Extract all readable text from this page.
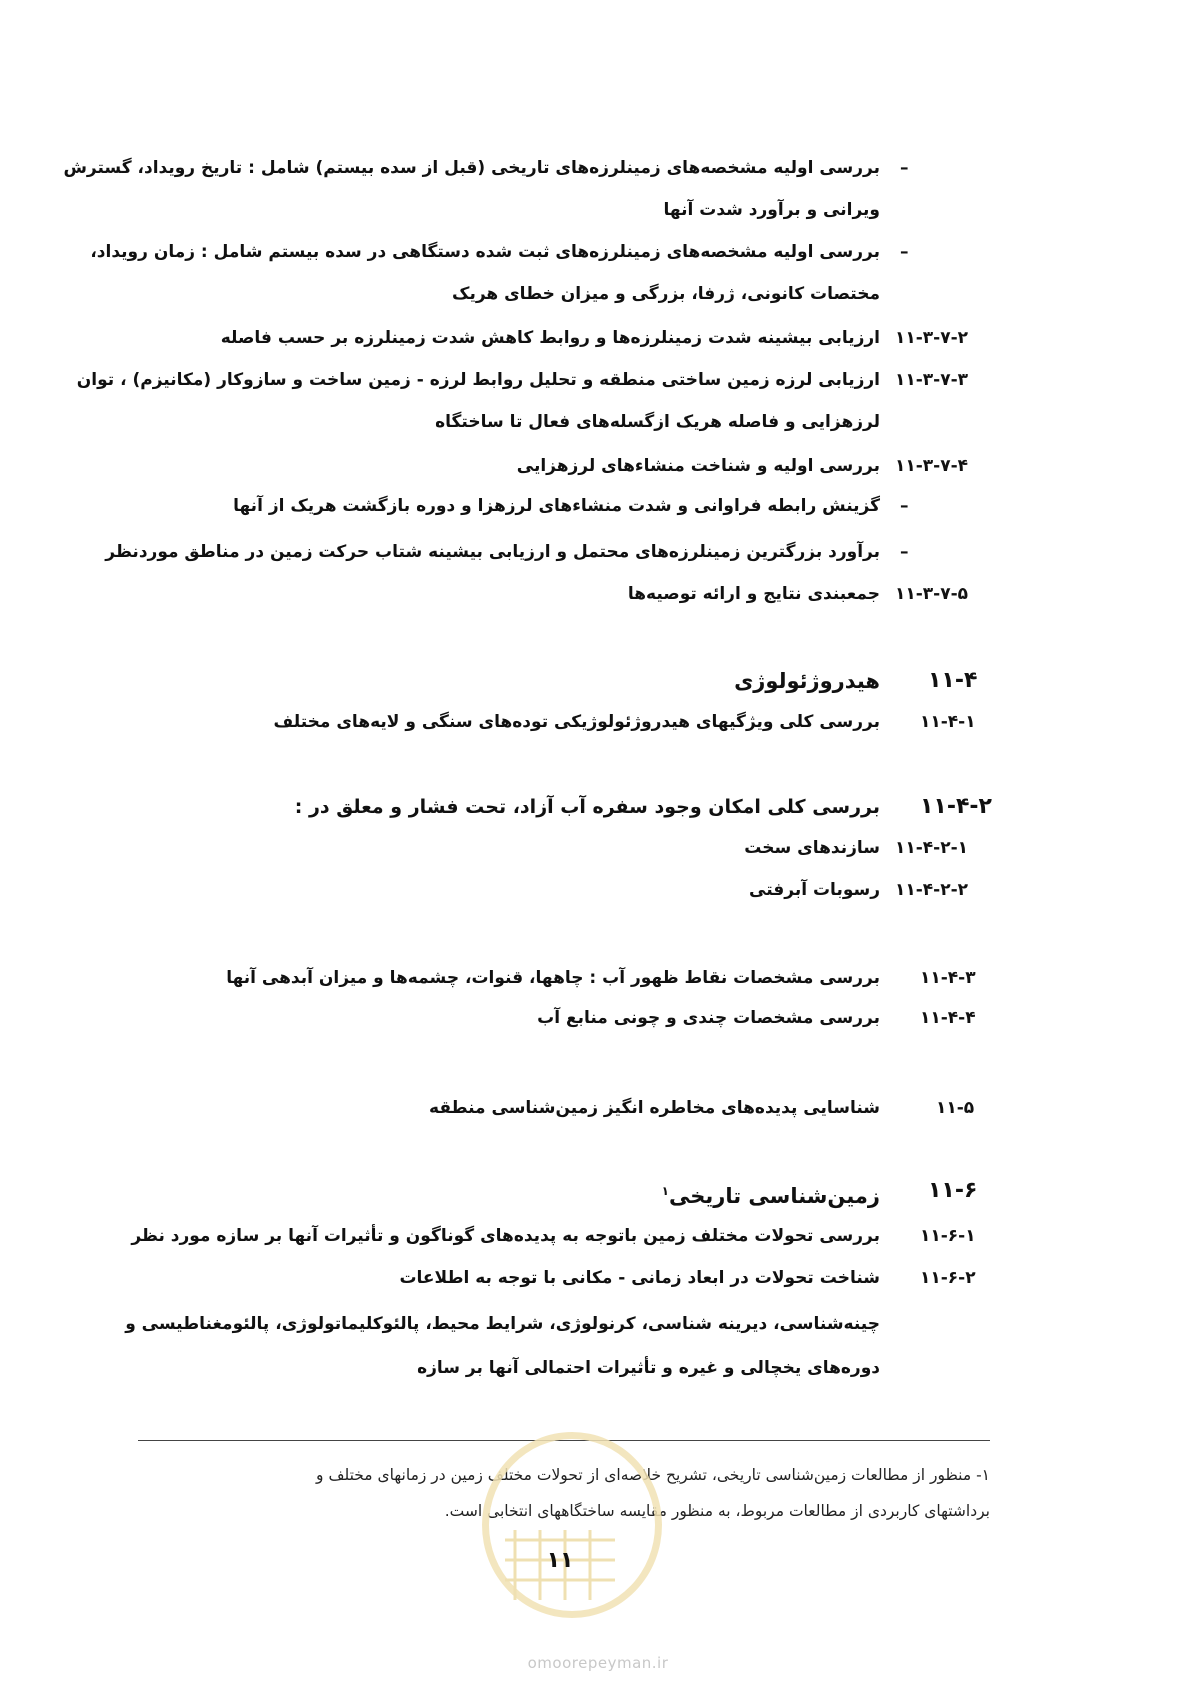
–
بررسی اولیه مشخصه‌های زمینلرزه‌های تاریخی (قبل از سده بیستم) شامل : تاریخ رویداد، گسترش
ویرانی و برآورد شدت آنها
–
بررسی اولیه مشخصه‌های زمینلرزه‌های ثبت شده دستگاهی در سده بیستم شامل : زمان رویداد،
مختصات کانونی، ژرفا، بزرگی و میزان خطای هریک
۱۱-۳-۷-۲
ارزیابی بیشینه شدت زمینلرزه‌ها و روابط کاهش شدت زمینلرزه بر حسب فاصله
۱۱-۳-۷-۳
ارزیابی لرزه زمین ساختی منطقه و تحلیل روابط لرزه - زمین ساخت و سازوکار (مکانیزم) ، توان
لرزهزایی و فاصله هریک ازگسله‌های فعال تا ساختگاه
۱۱-۳-۷-۴
بررسی اولیه و شناخت منشاءهای لرزهزایی
–
گزینش رابطه فراوانی و شدت منشاءهای لرزهزا و دوره بازگشت هریک از آنها
–
برآورد بزرگترین زمینلرزه‌های محتمل و ارزیابی بیشینه شتاب حرکت زمین در مناطق موردنظر
۱۱-۳-۷-۵
جمعبندی نتایج و ارائه توصیه‌ها
۱۱-۴
هیدروژئولوژی
۱۱-۴-۱
بررسی کلی ویژگیهای هیدروژئولوژیکی توده‌های سنگی و لایه‌های مختلف
۱۱-۴-۲
بررسی کلی امکان وجود سفره آب آزاد، تحت فشار و معلق در :
۱۱-۴-۲-۱
سازندهای سخت
۱۱-۴-۲-۲
رسوبات آبرفتی
۱۱-۴-۳
بررسی مشخصات نقاط ظهور آب : چاهها، قنوات، چشمه‌ها و میزان آبدهی آنها
۱۱-۴-۴
بررسی مشخصات چندی و چونی منابع آب
۱۱-۵
شناسایی پدیده‌های مخاطره انگیز زمین‌شناسی منطقه
۱۱-۶
زمین‌شناسی تاریخی$^۱$
۱۱-۶-۱
بررسی تحولات مختلف زمین باتوجه به پدیده‌های گوناگون و تأثیرات آنها بر سازه مورد نظر
۱۱-۶-۲
شناخت تحولات در ابعاد زمانی - مکانی با توجه به اطلاعات
چینه‌شناسی، دیرینه شناسی، کرنولوژی، شرایط محیط، پالئوکلیماتولوژی، پالئومغناطیسی و
دوره‌های یخچالی و غیره و تأثیرات احتمالی آنها بر سازه
۱- منظور از مطالعات زمین‌شناسی تاریخی، تشریح خلاصه‌ای از تحولات مختلف زمین در زمانهای مختلف و
برداشتهای کاربردی از مطالعات مربوط، به منظور مقایسه ساختگاههای انتخابی است.
۱۱
omoorepeyman.ir
